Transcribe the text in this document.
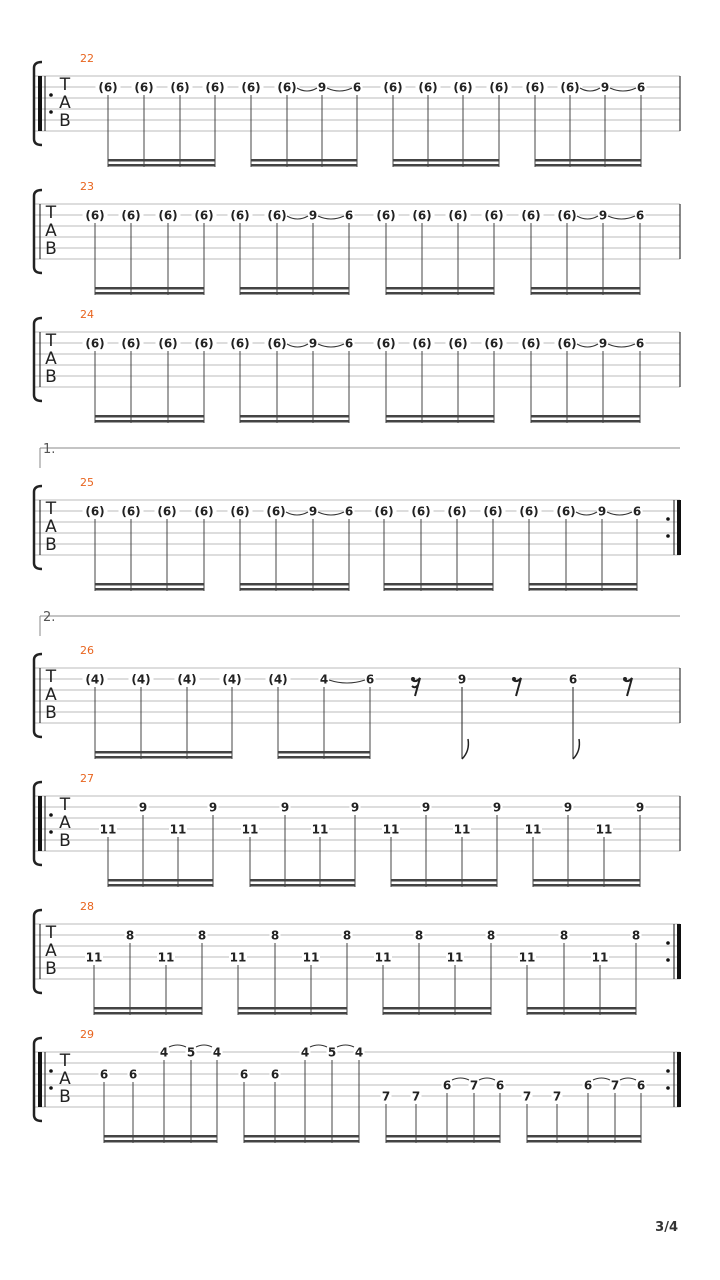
T
A
B
22
(6) (6) (6) (6) (6) (6) 9 6 (6) (6) (6) (6) (6) (6) 9 6
T
A
B
23
(6) (6) (6) (6) (6) (6) 9 6 (6) (6) (6) (6) (6) (6) 9 6
T
A
B
24
(6) (6) (6) (6) (6) (6) 9 6 (6) (6) (6) (6) (6) (6) 9 6
1.
T
A
B
25
(6) (6) (6) (6) (6) (6) 9 6 (6) (6) (6) (6) (6) (6) 9 6
2.
T
A
B
26
(4) (4) (4) (4) (4)	4	6	9	6
T
A
B
27
11
9
11
9
11
9
11
9
11
9
11
9
11
9
11
9
T
A
B
28
11
8
11
8
11
8
11
8
11
8
11
8
11
8
11
8
T
A
B
29
6 6
4 5 4
6 6
4 5 4
7 7
6 7 6
7 7
6 7 6
3/4
